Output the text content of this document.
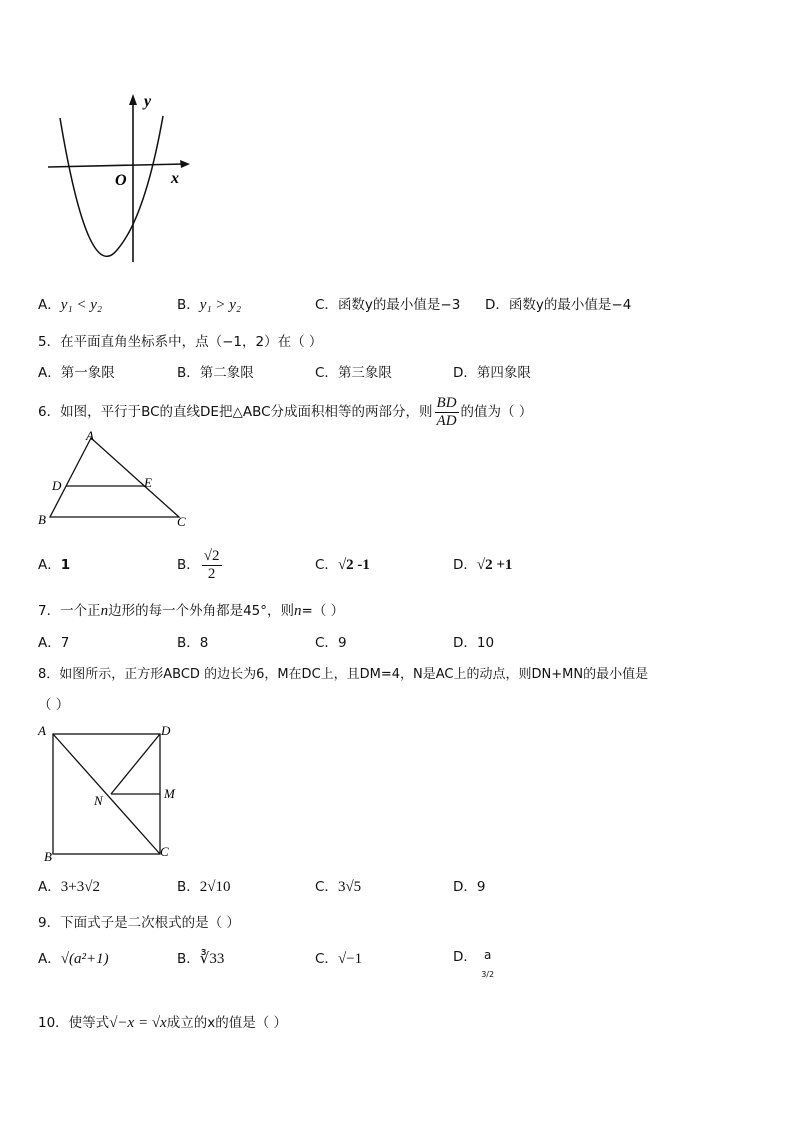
y
x
O
A．y₁ < y₂	B．y₁ > y₂	C．函数y的最小值是−3 D．函数y的最小值是−4
5．在平面直角坐标系中，点（−1，2）在（ ）
A．第一象限	B．第二象限	C．第三象限	D．第四象限
6．如图，平行于BC的直线DE把△ABC分成面积相等的两部分，则 $\frac{BD}{AD}$ 的值为（ ）
A
D	E
B	C
A．1	B． $\frac{√2}{2}$	C．√2 -1	D．√2 +1
7．一个正n边形的每一个外角都是45°，则n=（ ）
A．7	B．8	C．9	D．10
8．如图所示，正方形ABCD 的边长为6，M在DC上，且DM=4，N是AC上的动点，则DN+MN的最小值是
（ ）
A	D
M
N
B	C
A．3+3√2	B．2√10	C．3√5	D．9
9．下面式子是二次根式的是（ ）
A．√(a²+1)	B．∛33	C．√−1	D． a
3/2
10．使等式√−x = √x成立的x的值是（ ）
